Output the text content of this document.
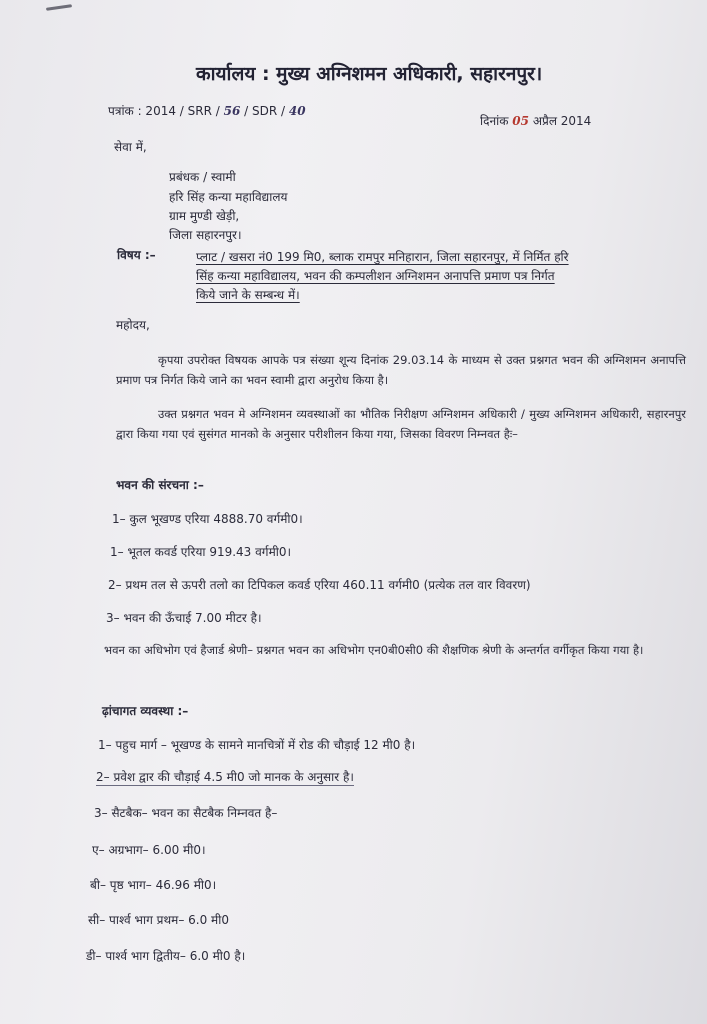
कार्यालय : मुख्य अग्निशमन अधिकारी, सहारनपुर।
पत्रांक : 2014 / SRR / 56 / SDR / 40
दिनांक 05 अप्रैल 2014
सेवा में,
प्रबंधक / स्वामी
हरि सिंह कन्या महाविद्यालय
ग्राम मुण्डी खेड़ी,
जिला सहारनपुर।
विषय :–	प्लाट / खसरा नं0 199 मि0, ब्लाक रामपुर मनिहारान, जिला सहारनपुर, में निर्मित हरि
सिंह कन्या महाविद्यालय, भवन की कम्पलीशन अग्निशमन अनापत्ति प्रमाण पत्र निर्गत
किये जाने के सम्बन्ध में।
महोदय,
कृपया उपरोक्त विषयक आपके पत्र संख्या शून्य दिनांक 29.03.14 के माध्यम से उक्त प्रश्नगत भवन की अग्निशमन अनापत्ति प्रमाण पत्र निर्गत किये जाने का भवन स्वामी द्वारा अनुरोध किया है।
उक्त प्रश्नगत भवन मे अग्निशमन व्यवस्थाओं का भौतिक निरीक्षण अग्निशमन अधिकारी / मुख्य अग्निशमन अधिकारी, सहारनपुर द्वारा किया गया एवं सुसंगत मानको के अनुसार परीशीलन किया गया, जिसका विवरण निम्नवत हैः–
भवन की संरचना :–
1– कुल भूखण्ड एरिया 4888.70 वर्गमी0।
1– भूतल कवर्ड एरिया 919.43 वर्गमी0।
2– प्रथम तल से ऊपरी तलो का टिपिकल कवर्ड एरिया 460.11 वर्गमी0 (प्रत्येक तल वार विवरण)
3– भवन की ऊँचाई 7.00 मीटर है।
भवन का अधिभोग एवं हैजार्ड श्रेणी– प्रश्नगत भवन का अधिभोग एन0बी0सी0 की शैक्षणिक श्रेणी के अन्तर्गत वर्गीकृत किया गया है।
ढ़ांचागत व्यवस्था :–
1– पहुच मार्ग – भूखण्ड के सामने मानचित्रों में रोड की चौड़ाई 12 मी0 है।
2– प्रवेश द्वार की चौड़ाई 4.5 मी0 जो मानक के अनुसार है।
3– सैटबैक– भवन का सैटबैक निम्नवत है–
ए– अग्रभाग– 6.00 मी0।
बी– पृष्ठ भाग– 46.96 मी0।
सी– पार्श्व भाग प्रथम– 6.0 मी0
डी– पार्श्व भाग द्वितीय– 6.0 मी0 है।
